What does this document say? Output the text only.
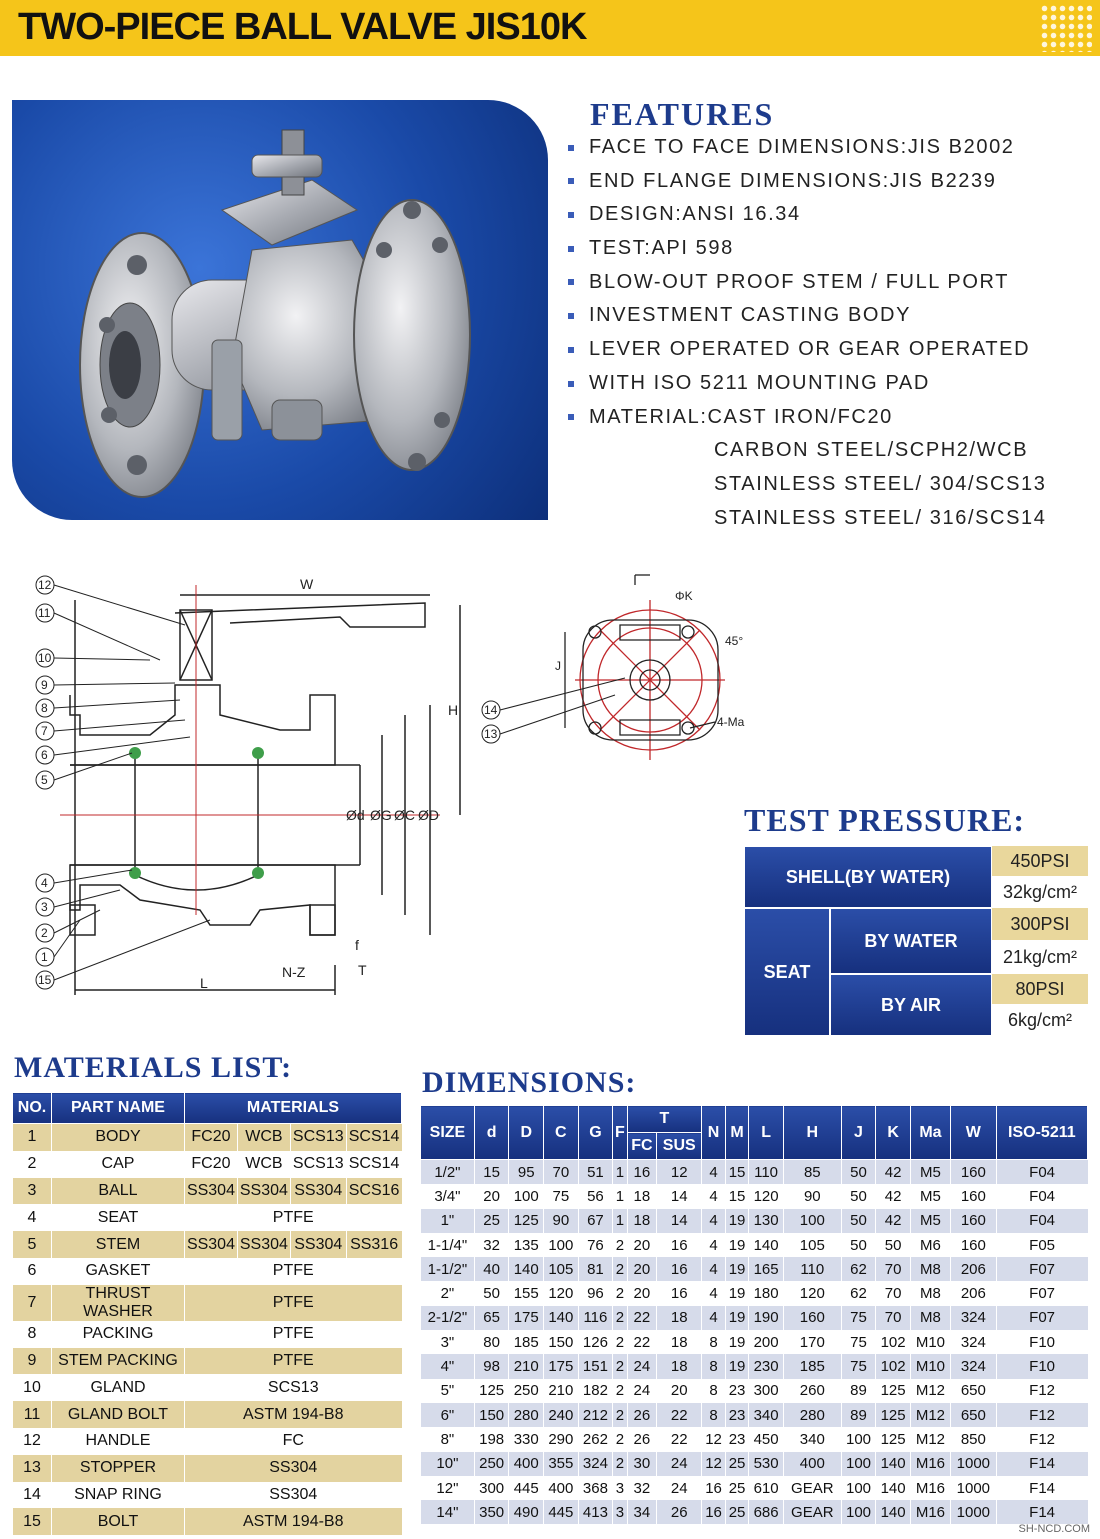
TWO-PIECE BALL VALVE JIS10K
FEATURES
FACE TO FACE DIMENSIONS:JIS B2002
END FLANGE DIMENSIONS:JIS B2239
DESIGN:ANSI 16.34
TEST:API 598
BLOW-OUT PROOF STEM / FULL PORT
INVESTMENT CASTING BODY
LEVER OPERATED OR GEAR OPERATED
WITH ISO 5211 MOUNTING PAD
MATERIAL:CAST IRON/FC20
CARBON STEEL/SCPH2/WCB
STAINLESS STEEL/ 304/SCS13
STAINLESS STEEL/ 316/SCS14
W
H
L
f
T
N-Z
ØD
ØC
ØG
Ød
12
11
10
9
8
7
6
5
4
3
2
1
15
J
ΦK
45°
4-Ma
14
13
TEST PRESSURE:
SHELL(BY WATER)
450PSI
32kg/cm²
SEAT
BY WATER
300PSI
21kg/cm²
BY AIR
80PSI
6kg/cm²
MATERIALS LIST:
NO.	PART NAME	MATERIALS			
1	BODY	FC20	WCB	SCS13	SCS14
2	CAP	FC20	WCB	SCS13	SCS14
3	BALL	SS304	SS304	SS304	SCS16
4	SEAT	PTFE			
5	STEM	SS304	SS304	SS304	SS316
6	GASKET	PTFE			
7	THRUST WASHER	PTFE			
8	PACKING	PTFE			
9	STEM PACKING	PTFE			
10	GLAND	SCS13			
11	GLAND BOLT	ASTM 194-B8			
12	HANDLE	FC			
13	STOPPER	SS304			
14	SNAP RING	SS304			
15	BOLT	ASTM 194-B8			
DIMENSIONS:
SIZE	d	D	C	G	F	T		N	M	L	H	J	K	Ma	W	ISO-5211
						FC	SUS									
1/2"	15	95	70	51	1	16	12	4	15	110	85	50	42	M5	160	F04
3/4"	20	100	75	56	1	18	14	4	15	120	90	50	42	M5	160	F04
1"	25	125	90	67	1	18	14	4	19	130	100	50	42	M5	160	F04
1-1/4"	32	135	100	76	2	20	16	4	19	140	105	50	50	M6	160	F05
1-1/2"	40	140	105	81	2	20	16	4	19	165	110	62	70	M8	206	F07
2"	50	155	120	96	2	20	16	4	19	180	120	62	70	M8	206	F07
2-1/2"	65	175	140	116	2	22	18	4	19	190	160	75	70	M8	324	F07
3"	80	185	150	126	2	22	18	8	19	200	170	75	102	M10	324	F10
4"	98	210	175	151	2	24	18	8	19	230	185	75	102	M10	324	F10
5"	125	250	210	182	2	24	20	8	23	300	260	89	125	M12	650	F12
6"	150	280	240	212	2	26	22	8	23	340	280	89	125	M12	650	F12
8"	198	330	290	262	2	26	22	12	23	450	340	100	125	M12	850	F12
10"	250	400	355	324	2	30	24	12	25	530	400	100	140	M16	1000	F14
12"	300	445	400	368	3	32	24	16	25	610	GEAR	100	140	M16	1000	F14
14"	350	490	445	413	3	34	26	16	25	686	GEAR	100	140	M16	1000	F14
SH-NCD.COM
